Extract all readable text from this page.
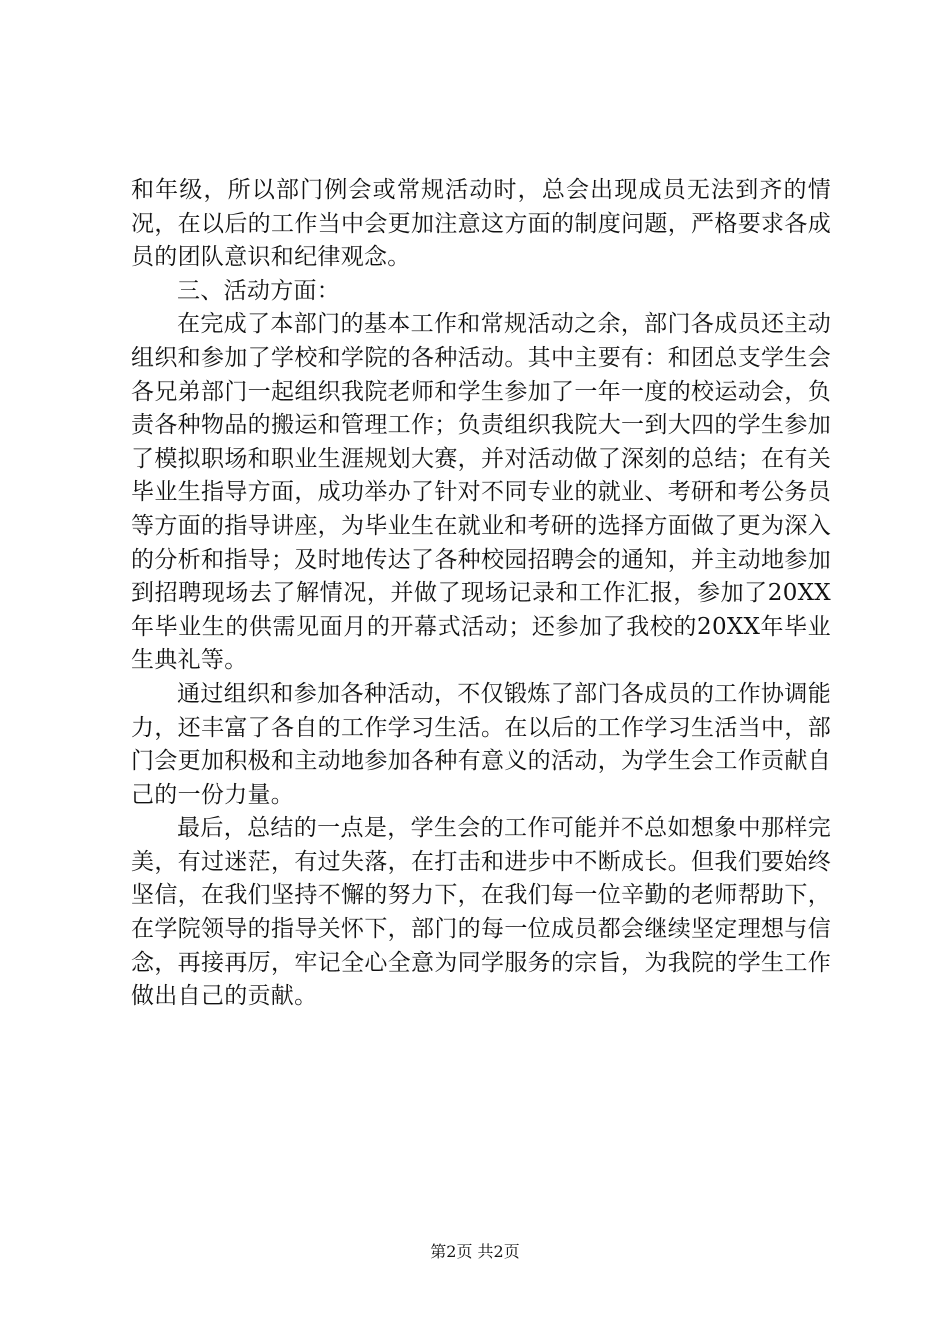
和年级，所以部门例会或常规活动时，总会出现成员无法到齐的情况，在以后的工作当中会更加注意这方面的制度问题，严格要求各成员的团队意识和纪律观念。

三、活动方面：

在完成了本部门的基本工作和常规活动之余，部门各成员还主动组织和参加了学校和学院的各种活动。其中主要有：和团总支学生会各兄弟部门一起组织我院老师和学生参加了一年一度的校运动会，负责各种物品的搬运和管理工作；负责组织我院大一到大四的学生参加了模拟职场和职业生涯规划大赛，并对活动做了深刻的总结；在有关毕业生指导方面，成功举办了针对不同专业的就业、考研和考公务员等方面的指导讲座，为毕业生在就业和考研的选择方面做了更为深入的分析和指导；及时地传达了各种校园招聘会的通知，并主动地参加到招聘现场去了解情况，并做了现场记录和工作汇报，参加了20XX年毕业生的供需见面月的开幕式活动；还参加了我校的20XX年毕业生典礼等。

通过组织和参加各种活动，不仅锻炼了部门各成员的工作协调能力，还丰富了各自的工作学习生活。在以后的工作学习生活当中，部门会更加积极和主动地参加各种有意义的活动，为学生会工作贡献自己的一份力量。

最后，总结的一点是，学生会的工作可能并不总如想象中那样完美，有过迷茫，有过失落，在打击和进步中不断成长。但我们要始终坚信，在我们坚持不懈的努力下，在我们每一位辛勤的老师帮助下，在学院领导的指导关怀下，部门的每一位成员都会继续坚定理想与信念，再接再厉，牢记全心全意为同学服务的宗旨，为我院的学生工作做出自己的贡献。

第2页 共2页
